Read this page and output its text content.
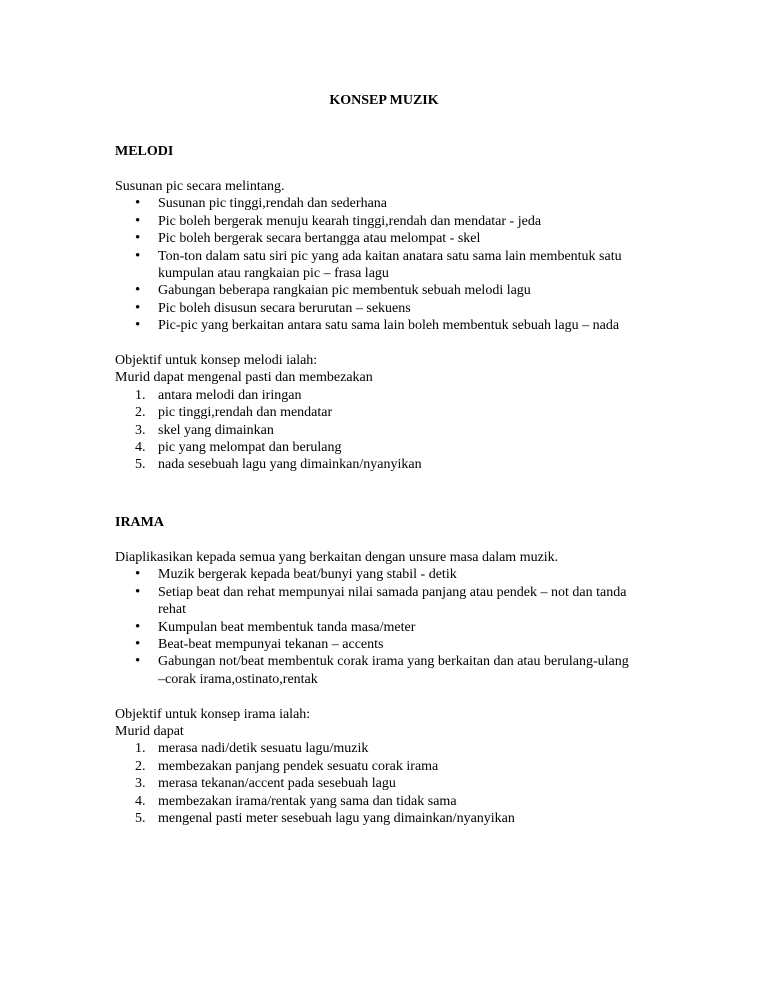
KONSEP MUZIK
MELODI

Susunan pic secara melintang.

• Susunan pic tinggi,rendah dan sederhana
• Pic boleh bergerak menuju kearah tinggi,rendah dan mendatar - jeda
• Pic boleh bergerak secara bertangga atau melompat - skel
• Ton-ton dalam satu siri pic yang ada kaitan anatara satu sama lain membentuk satu kumpulan atau rangkaian pic – frasa lagu
• Gabungan beberapa rangkaian pic membentuk sebuah melodi lagu
• Pic boleh disusun secara berurutan – sekuens
• Pic-pic yang berkaitan antara satu sama lain boleh membentuk sebuah lagu – nada

Objektif untuk konsep melodi ialah:

Murid dapat mengenal pasti dan membezakan

1. antara melodi dan iringan
2. pic tinggi,rendah dan mendatar
3. skel yang dimainkan
4. pic yang melompat dan berulang
5. nada sesebuah lagu yang dimainkan/nyanyikan
IRAMA

Diaplikasikan kepada semua yang berkaitan dengan unsure masa dalam muzik.

• Muzik bergerak kepada beat/bunyi yang stabil - detik
• Setiap beat dan rehat mempunyai nilai samada panjang atau pendek – not dan tanda rehat
• Kumpulan beat membentuk tanda masa/meter
• Beat-beat mempunyai tekanan – accents
• Gabungan not/beat membentuk corak irama yang berkaitan dan atau berulang-ulang –corak irama,ostinato,rentak

Objektif untuk konsep irama ialah:

Murid dapat

1. merasa nadi/detik sesuatu lagu/muzik
2. membezakan panjang pendek sesuatu corak irama
3. merasa tekanan/accent pada sesebuah lagu
4. membezakan irama/rentak yang sama dan tidak sama
5. mengenal pasti meter sesebuah lagu yang dimainkan/nyanyikan
